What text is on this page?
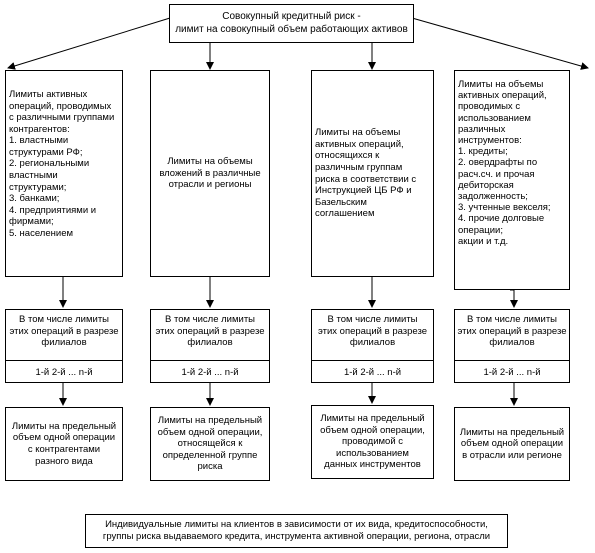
Совокупный кредитный риск -
лимит на совокупный объем работающих активов
Лимиты активных
операций, проводимых
с различными группами
контрагентов:
1. властными
структурами РФ;
2. региональными
властными
структурами;
3. банками;
4. предприятиями и
фирмами;
5. населением
Лимиты на объемы
вложений в различные
отрасли и регионы
Лимиты на объемы
активных операций,
относящихся к
различным группам
риска в соответствии с
Инструкцией ЦБ РФ и
Базельским
соглашением
Лимиты на объемы
активных операций,
проводимых с
использованием
различных
инструментов:
1. кредиты;
2. овердрафты по
расч.сч. и прочая
дебиторская
задолженность;
3. учтенные векселя;
4. прочие долговые
операции;
акции и т.д.
В том числе лимиты
этих операций в разрезе
филиалов
1-й 2-й ... n-й
В том числе лимиты
этих операций в разрезе
филиалов
1-й 2-й ... n-й
В том числе лимиты
этих операций в разрезе
филиалов
1-й 2-й ... n-й
В том числе лимиты
этих операций в разрезе
филиалов
1-й 2-й ... n-й
Лимиты на предельный
объем одной операции
с контрагентами
разного вида
Лимиты на предельный
объем одной операции,
относящейся к
определенной группе
риска
Лимиты на предельный
объем одной операции,
проводимой с
использованием
данных инструментов
Лимиты на предельный
объем одной операции
в отрасли или регионе
Индивидуальные лимиты на клиентов в зависимости от их вида, кредитоспособности,
группы риска выдаваемого кредита, инструмента активной операции, региона, отрасли
